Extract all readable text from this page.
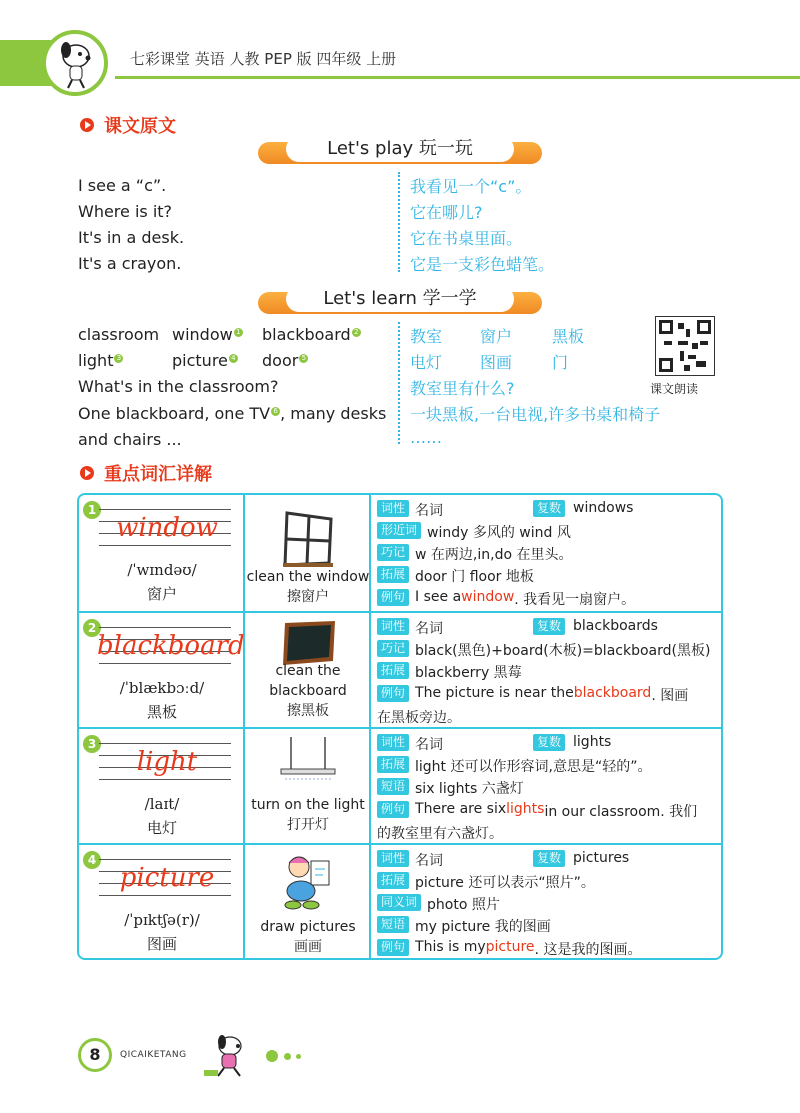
七彩课堂 英语 人教 PEP 版 四年级 上册
课文原文
Let's play 玩一玩
I see a “c”.	我看见一个“c”。
Where is it?	它在哪儿?
It's in a desk.	它在书桌里面。
It's a crayon.	它是一支彩色蜡笔。
Let's learn 学一学
classroom window $^1$ blackboard $^2$	教室 窗户 黑板
light $^3$	picture $^4$ door $^5$	电灯 图画 门
What's in the classroom?	教室里有什么?
One blackboard, one TV $^6$ , many desks 一块黑板,一台电视,许多书桌和椅子
and chairs ...	……
课文朗读
重点词汇详解
1
window
/ˈwɪndəʊ/
窗户
clean the window
擦窗户
词性 名词	复数 windows
形近词 windy 多风的 wind 风
巧记 w 在两边,in,do 在里头。
拓展 door 门 floor 地板
例句 I see a window . 我看见一扇窗户。
2
blackboard
/ˈblækbɔːd/
黑板
clean the
blackboard
擦黑板
词性 名词	复数 blackboards
巧记 black(黑色)+board(木板)=blackboard(黑板)
拓展 blackberry 黑莓
例句 The picture is near the blackboard . 图画
在黑板旁边。
3
light
/laɪt/
电灯
turn on the light
打开灯
词性 名词	复数 lights
拓展 light 还可以作形容词,意思是“轻的”。
短语 six lights 六盏灯
例句 There are six lights in our classroom. 我们
的教室里有六盏灯。
4
picture
/ˈpɪktʃə(r)/
图画
draw pictures
画画
词性 名词	复数 pictures
拓展 picture 还可以表示“照片”。
同义词 photo 照片
短语 my picture 我的图画
例句 This is my picture . 这是我的图画。
8	QICAIKETANG
